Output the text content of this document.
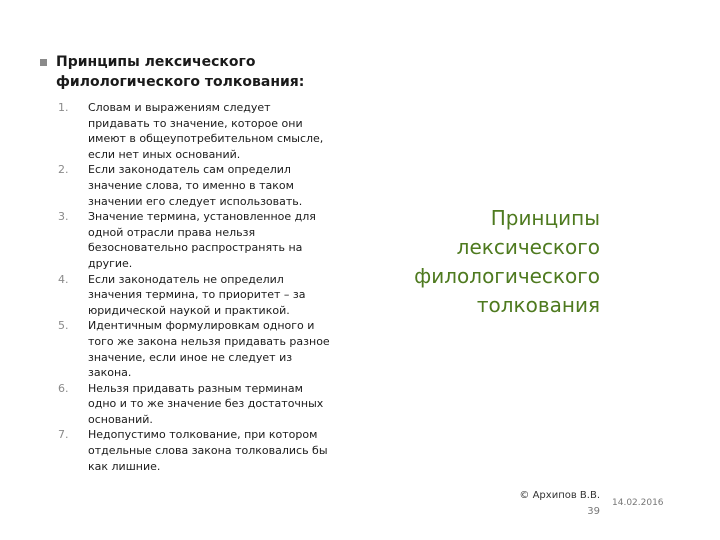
Принципы лексического филологического толкования:
1. Словам и выражениям следует придавать то значение, которое они имеют в общеупотребительном смысле, если нет иных оснований.
2. Если законодатель сам определил значение слова, то именно в таком значении его следует использовать.
3. Значение термина, установленное для одной отрасли права нельзя безосновательно распространять на другие.
4. Если законодатель не определил значения термина, то приоритет – за юридической наукой и практикой.
5. Идентичным формулировкам одного и того же закона нельзя придавать разное значение, если иное не следует из закона.
6. Нельзя придавать разным терминам одно и то же значение без достаточных оснований.
7. Недопустимо толкование, при котором отдельные слова закона толковались бы как лишние.
Принципы лексического филологического толкования
© Архипов В.В.
39
14.02.2016
